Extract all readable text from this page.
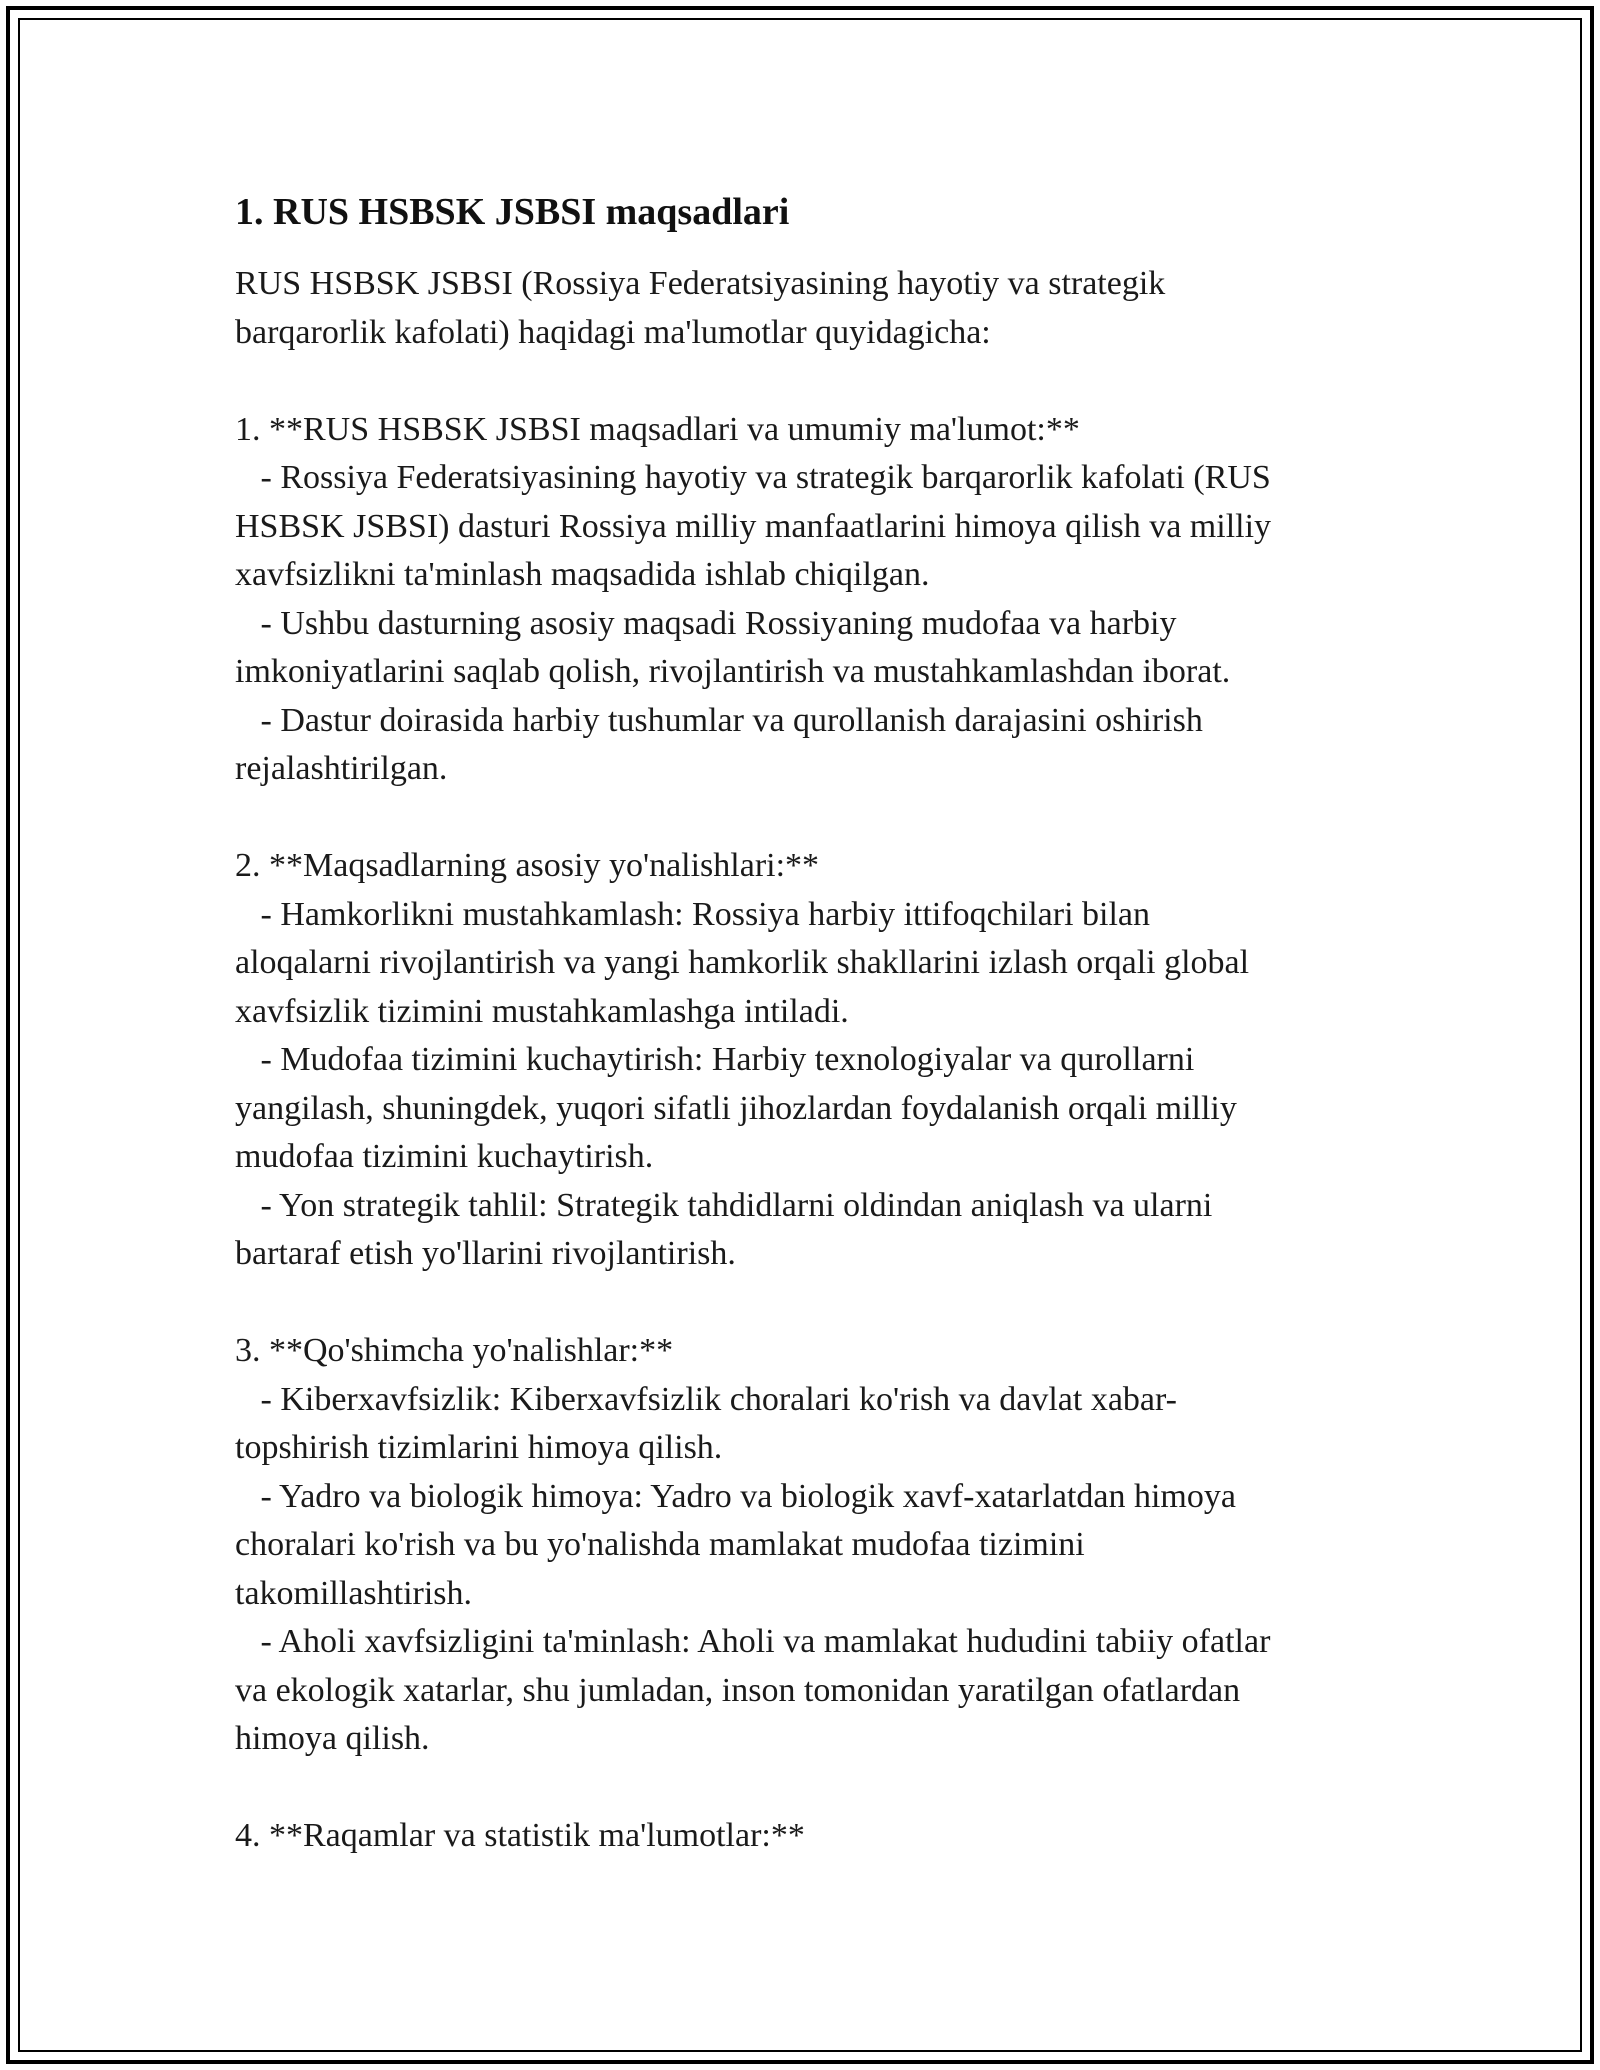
1. RUS HSBSK JSBSI maqsadlari
RUS HSBSK JSBSI (Rossiya Federatsiyasining hayotiy va strategik
barqarorlik kafolati) haqidagi ma'lumotlar quyidagicha:

1. **RUS HSBSK JSBSI maqsadlari va umumiy ma'lumot:**
- Rossiya Federatsiyasining hayotiy va strategik barqarorlik kafolati (RUS
HSBSK JSBSI) dasturi Rossiya milliy manfaatlarini himoya qilish va milliy
xavfsizlikni ta'minlash maqsadida ishlab chiqilgan.
- Ushbu dasturning asosiy maqsadi Rossiyaning mudofaa va harbiy
imkoniyatlarini saqlab qolish, rivojlantirish va mustahkamlashdan iborat.
- Dastur doirasida harbiy tushumlar va qurollanish darajasini oshirish
rejalashtirilgan.

2. **Maqsadlarning asosiy yo'nalishlari:**
- Hamkorlikni mustahkamlash: Rossiya harbiy ittifoqchilari bilan
aloqalarni rivojlantirish va yangi hamkorlik shakllarini izlash orqali global
xavfsizlik tizimini mustahkamlashga intiladi.
- Mudofaa tizimini kuchaytirish: Harbiy texnologiyalar va qurollarni
yangilash, shuningdek, yuqori sifatli jihozlardan foydalanish orqali milliy
mudofaa tizimini kuchaytirish.
- Yon strategik tahlil: Strategik tahdidlarni oldindan aniqlash va ularni
bartaraf etish yo'llarini rivojlantirish.

3. **Qo'shimcha yo'nalishlar:**
- Kiberxavfsizlik: Kiberxavfsizlik choralari ko'rish va davlat xabar-
topshirish tizimlarini himoya qilish.
- Yadro va biologik himoya: Yadro va biologik xavf-xatarlatdan himoya
choralari ko'rish va bu yo'nalishda mamlakat mudofaa tizimini
takomillashtirish.
- Aholi xavfsizligini ta'minlash: Aholi va mamlakat hududini tabiiy ofatlar
va ekologik xatarlar, shu jumladan, inson tomonidan yaratilgan ofatlardan
himoya qilish.

4. **Raqamlar va statistik ma'lumotlar:**
